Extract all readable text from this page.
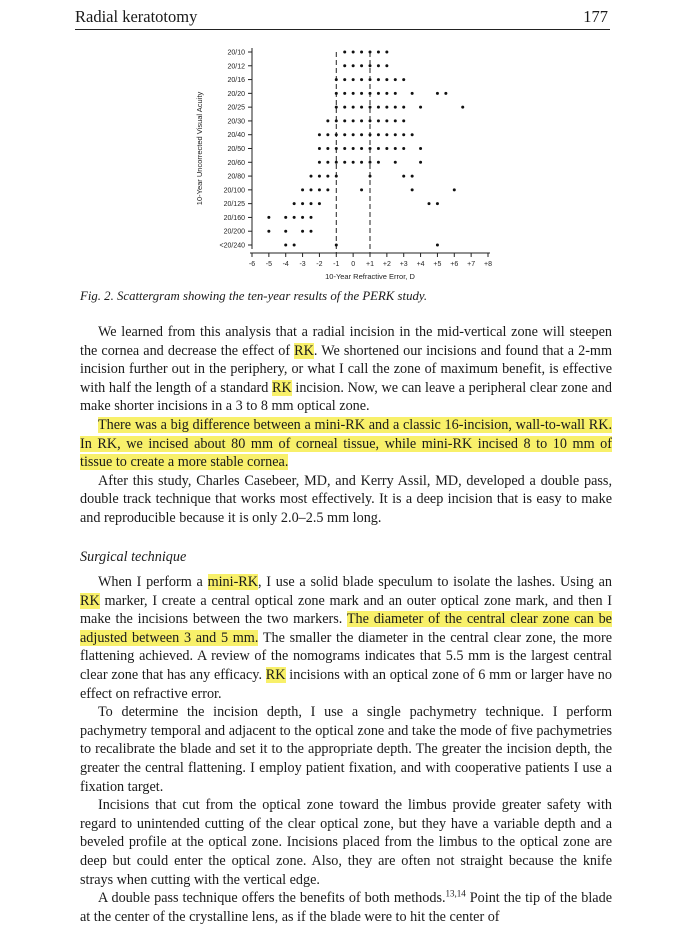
Radial keratotomy	177
20/10
20/12
20/16
20/20
20/25
20/30
20/40
20/50
20/60
20/80
20/100
20/125
20/160
20/200
<20/240
-6 -5 -4 -3 -2 -1 0 +1 +2 +3 +4 +5 +6 +7 +8
10-Year Uncorrected Visual Acuity
10-Year Refractive Error, D
Fig. 2. Scattergram showing the ten-year results of the PERK study.

We learned from this analysis that a radial incision in the mid-vertical zone will steepen the cornea and decrease the effect of RK. We shortened our incisions and found that a 2-mm incision further out in the periphery, or what I call the zone of maximum benefit, is effective with half the length of a standard RK incision. Now, we can leave a peripheral clear zone and make shorter incisions in a 3 to 8 mm optical zone.

There was a big difference between a mini-RK and a classic 16-incision, wall-to-wall RK. In RK, we incised about 80 mm of corneal tissue, while mini-RK incised 8 to 10 mm of tissue to create a more stable cornea.

After this study, Charles Casebeer, MD, and Kerry Assil, MD, developed a double pass, double track technique that works most effectively. It is a deep incision that is easy to make and reproducible because it is only 2.0–2.5 mm long.

Surgical technique

When I perform a mini-RK, I use a solid blade speculum to isolate the lashes. Using an RK marker, I create a central optical zone mark and an outer optical zone mark, and then I make the incisions between the two markers. The diameter of the central clear zone can be adjusted between 3 and 5 mm. The smaller the diameter in the central clear zone, the more flattening achieved. A review of the nomograms indicates that 5.5 mm is the largest central clear zone that has any efficacy. RK incisions with an optical zone of 6 mm or larger have no effect on refractive error.

To determine the incision depth, I use a single pachymetry technique. I perform pachymetry temporal and adjacent to the optical zone and take the mode of five pachymetries to recalibrate the blade and set it to the appropriate depth. The greater the incision depth, the greater the central flattening. I employ patient fixation, and with cooperative patients I use a fixation target.

Incisions that cut from the optical zone toward the limbus provide greater safety with regard to unintended cutting of the clear optical zone, but they have a variable depth and a beveled profile at the optical zone. Incisions placed from the limbus to the optical zone are deep but could enter the optical zone. Also, they are often not straight because the knife strays when cutting with the vertical edge.

A double pass technique offers the benefits of both methods.$^{13,14}$ Point the tip of the blade at the center of the crystalline lens, as if the blade were to hit the center of
